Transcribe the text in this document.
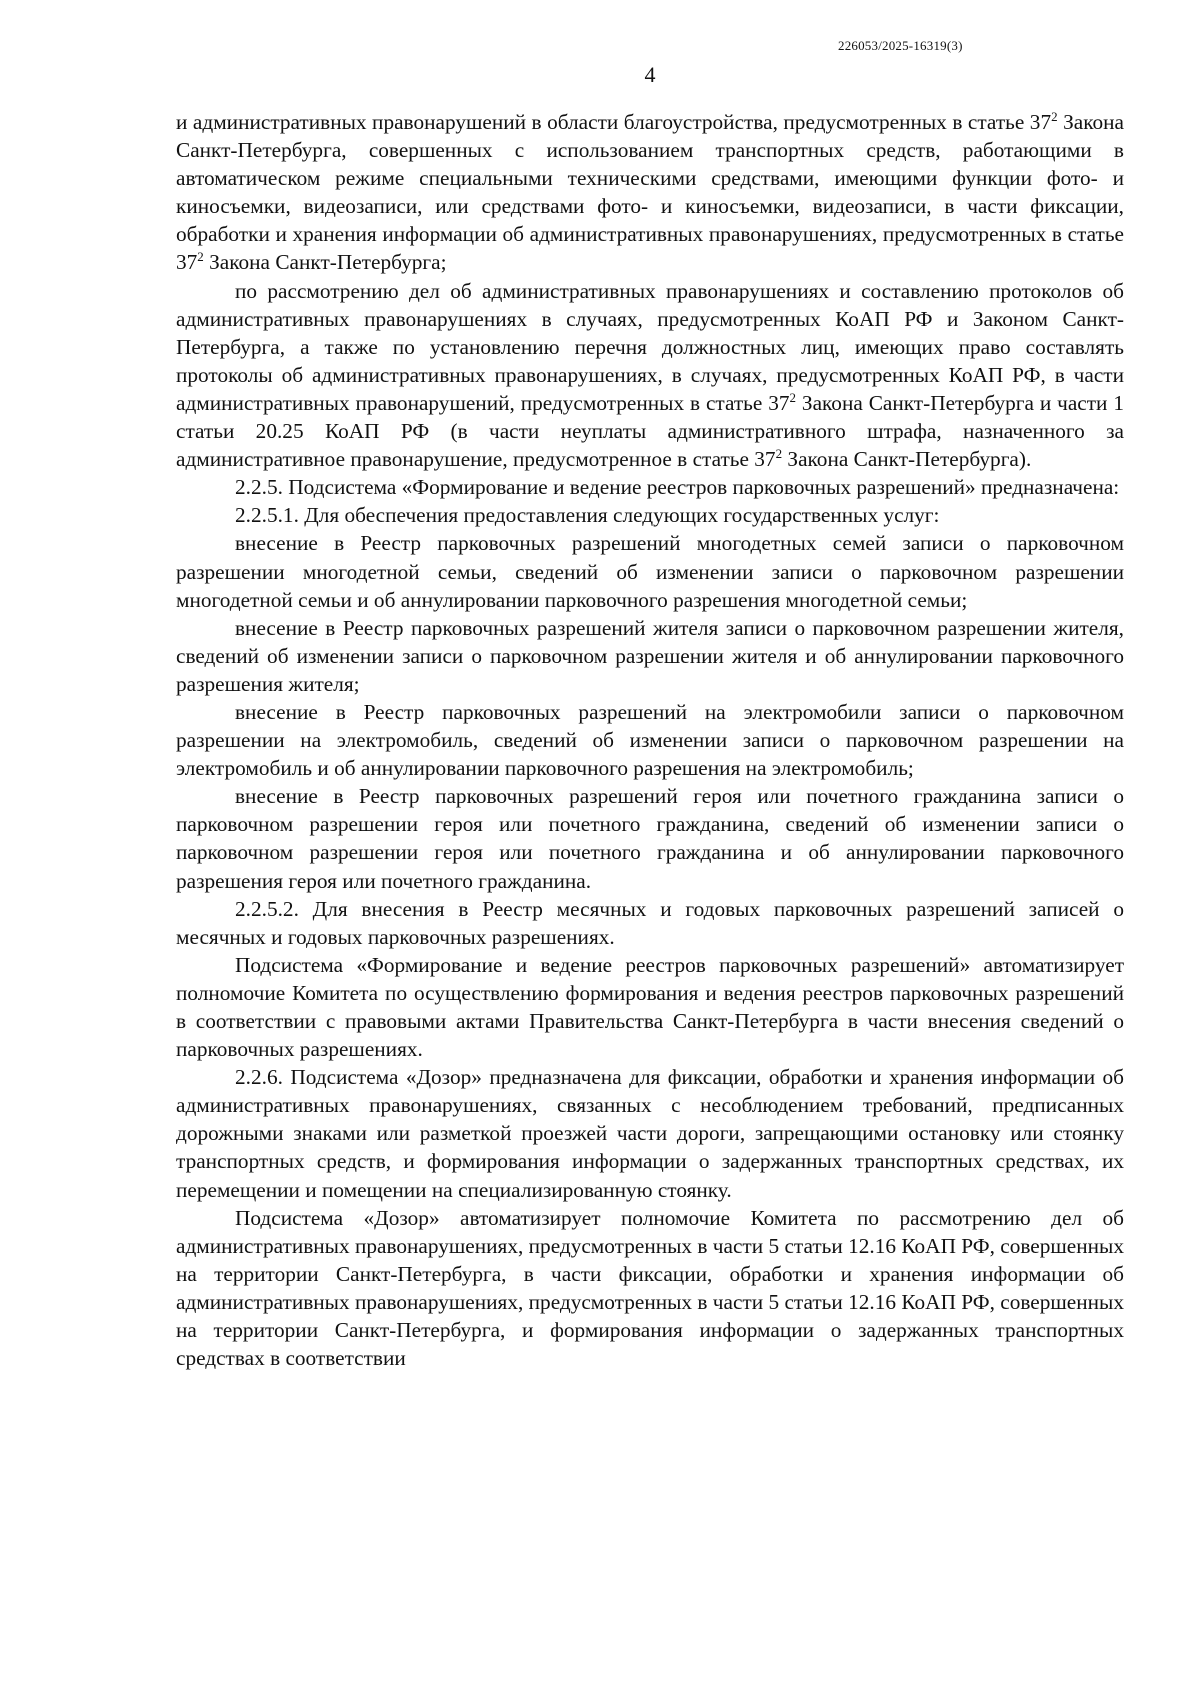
226053/2025-16319(3)
4

и административных правонарушений в области благоустройства, предусмотренных в статье $37^2$ Закона Санкт-Петербурга, совершенных с использованием транспортных средств, работающими в автоматическом режиме специальными техническими средствами, имеющими функции фото- и киносъемки, видеозаписи, или средствами фото- и киносъемки, видеозаписи, в части фиксации, обработки и хранения информации об административных правонарушениях, предусмотренных в статье $37^2$ Закона Санкт-Петербурга;

по рассмотрению дел об административных правонарушениях и составлению протоколов об административных правонарушениях в случаях, предусмотренных КоАП РФ и Законом Санкт-Петербурга, а также по установлению перечня должностных лиц, имеющих право составлять протоколы об административных правонарушениях, в случаях, предусмотренных КоАП РФ, в части административных правонарушений, предусмотренных в статье $37^2$ Закона Санкт-Петербурга и части 1 статьи 20.25 КоАП РФ (в части неуплаты административного штрафа, назначенного за административное правонарушение, предусмотренное в статье $37^2$ Закона Санкт-Петербурга).

2.2.5. Подсистема «Формирование и ведение реестров парковочных разрешений» предназначена:

2.2.5.1. Для обеспечения предоставления следующих государственных услуг:

внесение в Реестр парковочных разрешений многодетных семей записи о парковочном разрешении многодетной семьи, сведений об изменении записи о парковочном разрешении многодетной семьи и об аннулировании парковочного разрешения многодетной семьи;

внесение в Реестр парковочных разрешений жителя записи о парковочном разрешении жителя, сведений об изменении записи о парковочном разрешении жителя и об аннулировании парковочного разрешения жителя;

внесение в Реестр парковочных разрешений на электромобили записи о парковочном разрешении на электромобиль, сведений об изменении записи о парковочном разрешении на электромобиль и об аннулировании парковочного разрешения на электромобиль;

внесение в Реестр парковочных разрешений героя или почетного гражданина записи о парковочном разрешении героя или почетного гражданина, сведений об изменении записи о парковочном разрешении героя или почетного гражданина и об аннулировании парковочного разрешения героя или почетного гражданина.

2.2.5.2. Для внесения в Реестр месячных и годовых парковочных разрешений записей о месячных и годовых парковочных разрешениях.

Подсистема «Формирование и ведение реестров парковочных разрешений» автоматизирует полномочие Комитета по осуществлению формирования и ведения реестров парковочных разрешений в соответствии с правовыми актами Правительства Санкт-Петербурга в части внесения сведений о парковочных разрешениях.

2.2.6. Подсистема «Дозор» предназначена для фиксации, обработки и хранения информации об административных правонарушениях, связанных с несоблюдением требований, предписанных дорожными знаками или разметкой проезжей части дороги, запрещающими остановку или стоянку транспортных средств, и формирования информации о задержанных транспортных средствах, их перемещении и помещении на специализированную стоянку.

Подсистема «Дозор» автоматизирует полномочие Комитета по рассмотрению дел об административных правонарушениях, предусмотренных в части 5 статьи 12.16 КоАП РФ, совершенных на территории Санкт-Петербурга, в части фиксации, обработки и хранения информации об административных правонарушениях, предусмотренных в части 5 статьи 12.16 КоАП РФ, совершенных на территории Санкт-Петербурга, и формирования информации о задержанных транспортных средствах в соответствии
